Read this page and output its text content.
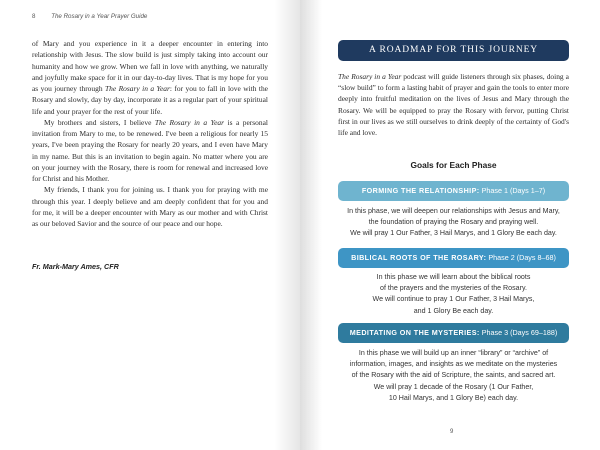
8	The Rosary in a Year Prayer Guide

of Mary and you experience in it a deeper encounter in entering into relationship with Jesus. The slow build is just simply taking into account our humanity and how we grow. When we fall in love with anything, we naturally and joyfully make space for it in our day-to-day lives. That is my hope for you as you journey through The Rosary in a Year: for you to fall in love with the Rosary and slowly, day by day, incorporate it as a regular part of your spiritual life and your prayer for the rest of your life.

My brothers and sisters, I believe The Rosary in a Year is a personal invitation from Mary to me, to be renewed. I've been a religious for nearly 15 years, I've been praying the Rosary for nearly 20 years, and I even have Mary in my name. But this is an invitation to begin again. No matter where you are on your journey with the Rosary, there is room for renewal and increased love for Christ and his Mother.

My friends, I thank you for joining us. I thank you for praying with me through this year. I deeply believe and am deeply confident that for you and for me, it will be a deeper encounter with Mary as our mother and with Christ as our beloved Savior and the source of our peace and our hope.

Fr. Mark-Mary Ames, CFR
A ROADMAP FOR THIS JOURNEY
The Rosary in a Year podcast will guide listeners through six phases, doing a “slow build” to form a lasting habit of prayer and gain the tools to enter more deeply into fruitful meditation on the lives of Jesus and Mary through the Rosary. We will be equipped to pray the Rosary with fervor, putting Christ first in our lives as we still ourselves to drink deeply of the certainty of God's life and love.
Goals for Each Phase
FORMING THE RELATIONSHIP: Phase 1 (Days 1–7)
In this phase, we will deepen our relationships with Jesus and Mary,
the foundation of praying the Rosary and praying well.
We will pray 1 Our Father, 3 Hail Marys, and 1 Glory Be each day.
BIBLICAL ROOTS OF THE ROSARY: Phase 2 (Days 8–68)
In this phase we will learn about the biblical roots
of the prayers and the mysteries of the Rosary.
We will continue to pray 1 Our Father, 3 Hail Marys,
and 1 Glory Be each day.
MEDITATING ON THE MYSTERIES: Phase 3 (Days 69–188)
In this phase we will build up an inner “library” or “archive” of
information, images, and insights as we meditate on the mysteries
of the Rosary with the aid of Scripture, the saints, and sacred art.
We will pray 1 decade of the Rosary (1 Our Father,
10 Hail Marys, and 1 Glory Be) each day.
9
